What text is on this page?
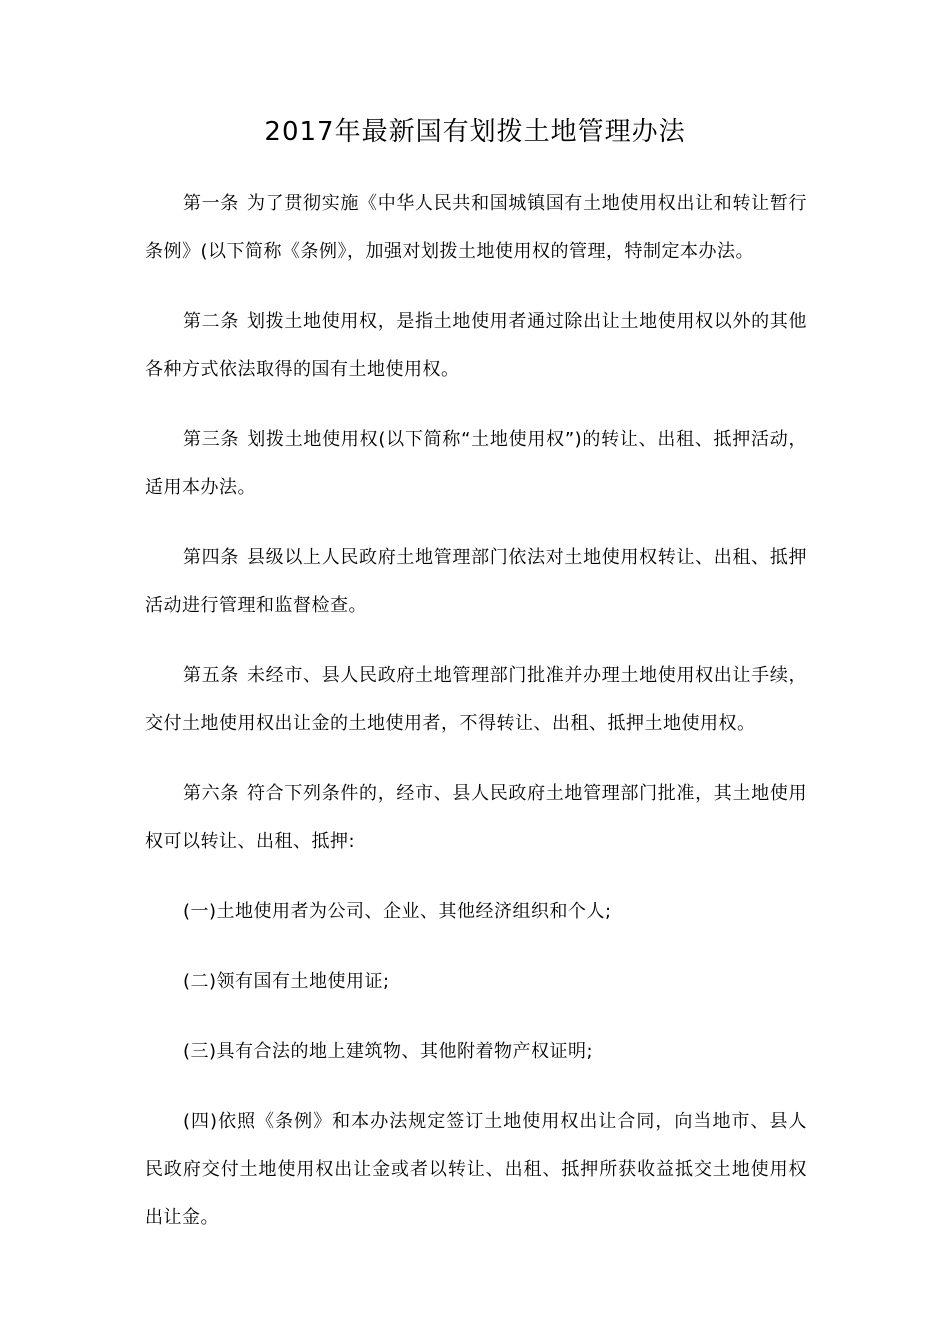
2017年最新国有划拨土地管理办法

第一条 为了贯彻实施《中华人民共和国城镇国有土地使用权出让和转让暂行条例》(以下简称《条例》，加强对划拨土地使用权的管理，特制定本办法。

第二条 划拨土地使用权，是指土地使用者通过除出让土地使用权以外的其他各种方式依法取得的国有土地使用权。

第三条 划拨土地使用权(以下简称“土地使用权”)的转让、出租、抵押活动，适用本办法。

第四条 县级以上人民政府土地管理部门依法对土地使用权转让、出租、抵押活动进行管理和监督检查。

第五条 未经市、县人民政府土地管理部门批准并办理土地使用权出让手续，交付土地使用权出让金的土地使用者，不得转让、出租、抵押土地使用权。

第六条 符合下列条件的，经市、县人民政府土地管理部门批准，其土地使用权可以转让、出租、抵押:

(一)土地使用者为公司、企业、其他经济组织和个人;

(二)领有国有土地使用证;

(三)具有合法的地上建筑物、其他附着物产权证明;

(四)依照《条例》和本办法规定签订土地使用权出让合同，向当地市、县人民政府交付土地使用权出让金或者以转让、出租、抵押所获收益抵交土地使用权出让金。
